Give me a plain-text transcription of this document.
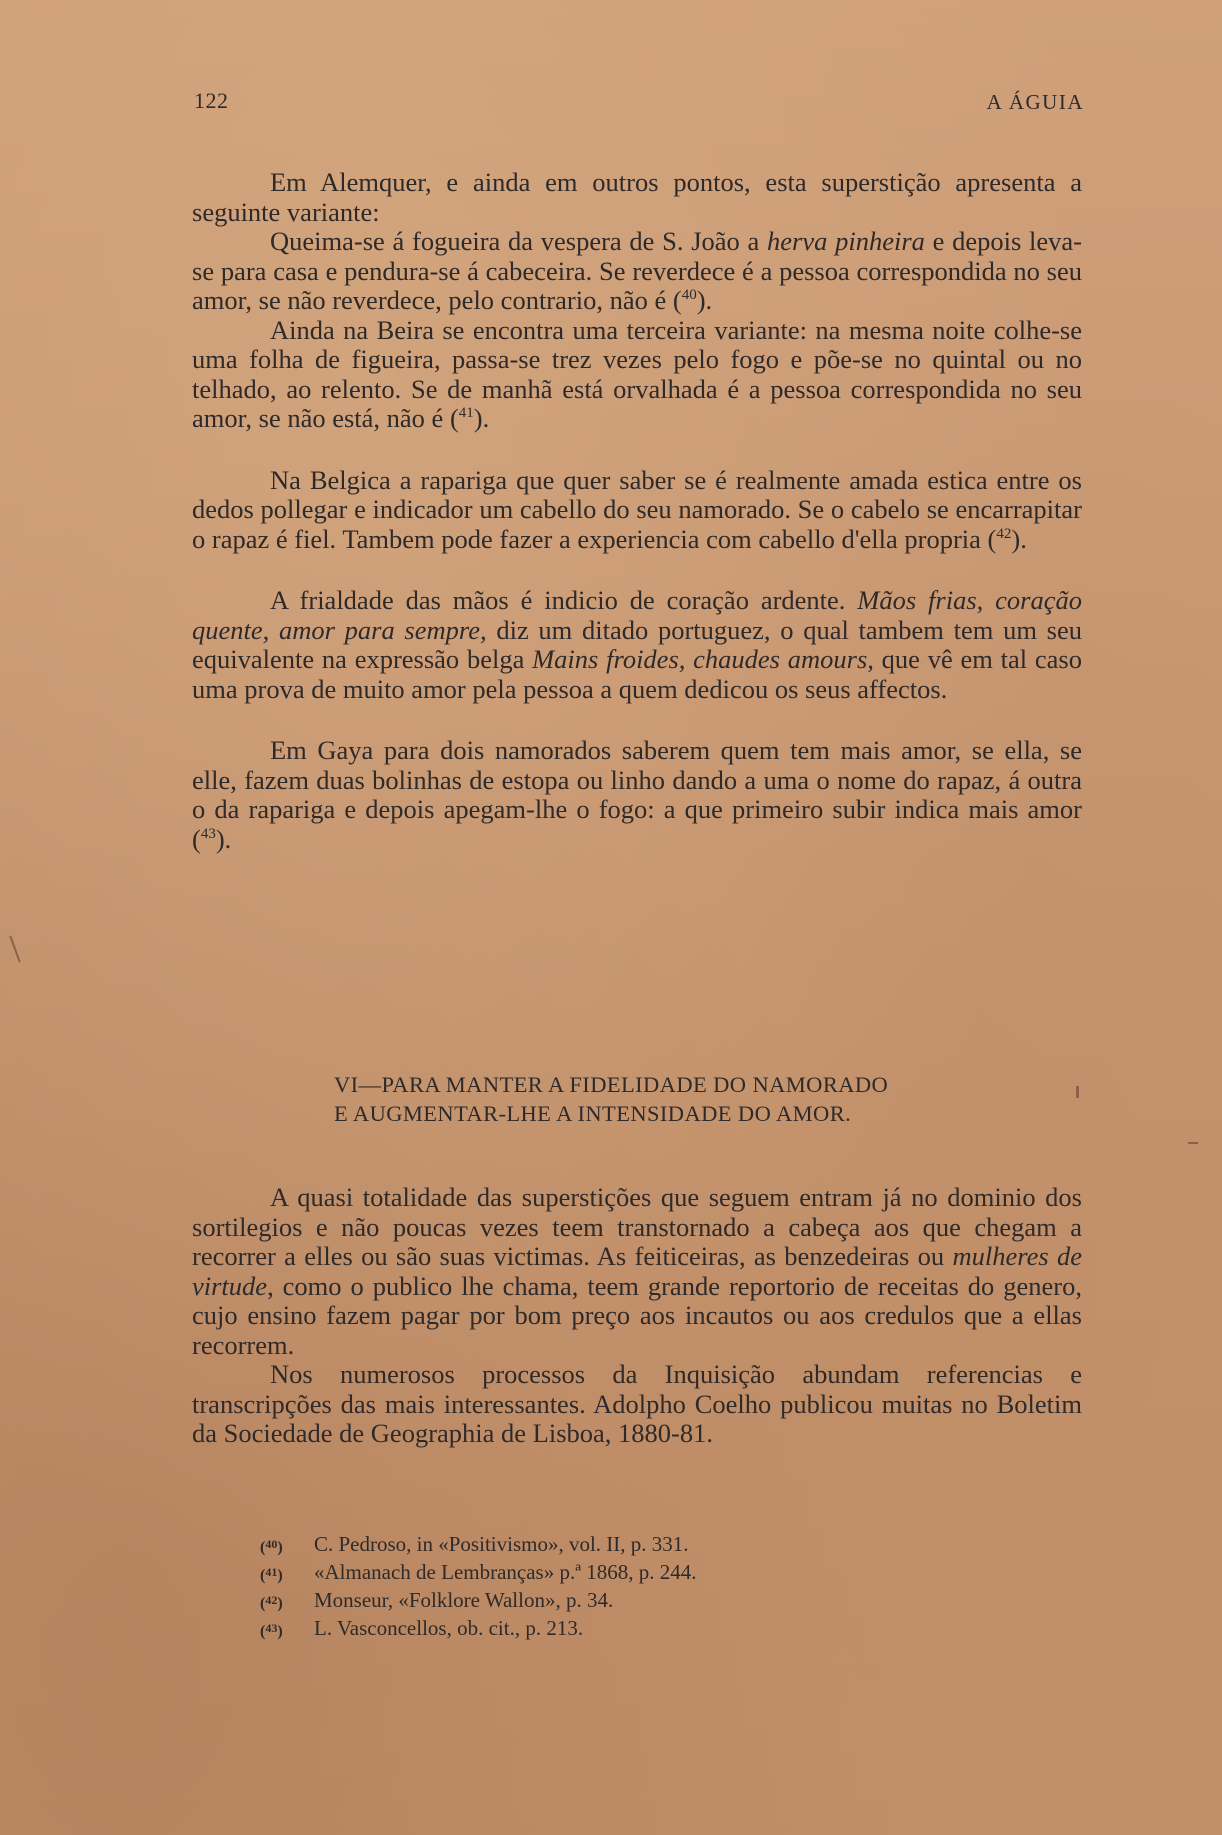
122	A ÁGUIA

Em Alemquer, e ainda em outros pontos, esta superstição apresenta a seguinte variante:

Queima-se á fogueira da vespera de S. João a herva pinheira e depois leva-se para casa e pendura-se á cabeceira. Se reverdece é a pessoa correspondida no seu amor, se não reverdece, pelo contrario, não é ($^{40}$).

Ainda na Beira se encontra uma terceira variante: na mesma noite colhe-se uma folha de figueira, passa-se trez vezes pelo fogo e põe-se no quintal ou no telhado, ao relento. Se de manhã está orvalhada é a pessoa correspondida no seu amor, se não está, não é ($^{41}$).

Na Belgica a rapariga que quer saber se é realmente amada estica entre os dedos pollegar e indicador um cabello do seu namorado. Se o cabelo se encarrapitar o rapaz é fiel. Tambem pode fazer a experiencia com cabello d'ella propria ($^{42}$).

A frialdade das mãos é indicio de coração ardente. Mãos frias, coração quente, amor para sempre, diz um ditado portuguez, o qual tambem tem um seu equivalente na expressão belga Mains froides, chaudes amours, que vê em tal caso uma prova de muito amor pela pessoa a quem dedicou os seus affectos.

Em Gaya para dois namorados saberem quem tem mais amor, se ella, se elle, fazem duas bolinhas de estopa ou linho dando a uma o nome do rapaz, á outra o da rapariga e depois apegam-lhe o fogo: a que primeiro subir indica mais amor ($^{43}$).

VI—PARA MANTER A FIDELIDADE DO NAMORADO
E AUGMENTAR-LHE A INTENSIDADE DO AMOR.

A quasi totalidade das superstições que seguem entram já no dominio dos sortilegios e não poucas vezes teem transtornado a cabeça aos que chegam a recorrer a elles ou são suas victimas. As feiticeiras, as benzedeiras ou mulheres de virtude, como o publico lhe chama, teem grande reportorio de receitas do genero, cujo ensino fazem pagar por bom preço aos incautos ou aos credulos que a ellas recorrem.

Nos numerosos processos da Inquisição abundam referencias e transcripções das mais interessantes. Adolpho Coelho publicou muitas no Boletim da Sociedade de Geographia de Lisboa, 1880-81.

($^{40}$)	C. Pedroso, in «Positivismo», vol. II, p. 331.
($^{41}$)	«Almanach de Lembranças» p.ª 1868, p. 244.
($^{42}$)	Monseur, «Folklore Wallon», p. 34.
($^{43}$)	L. Vasconcellos, ob. cit., p. 213.
